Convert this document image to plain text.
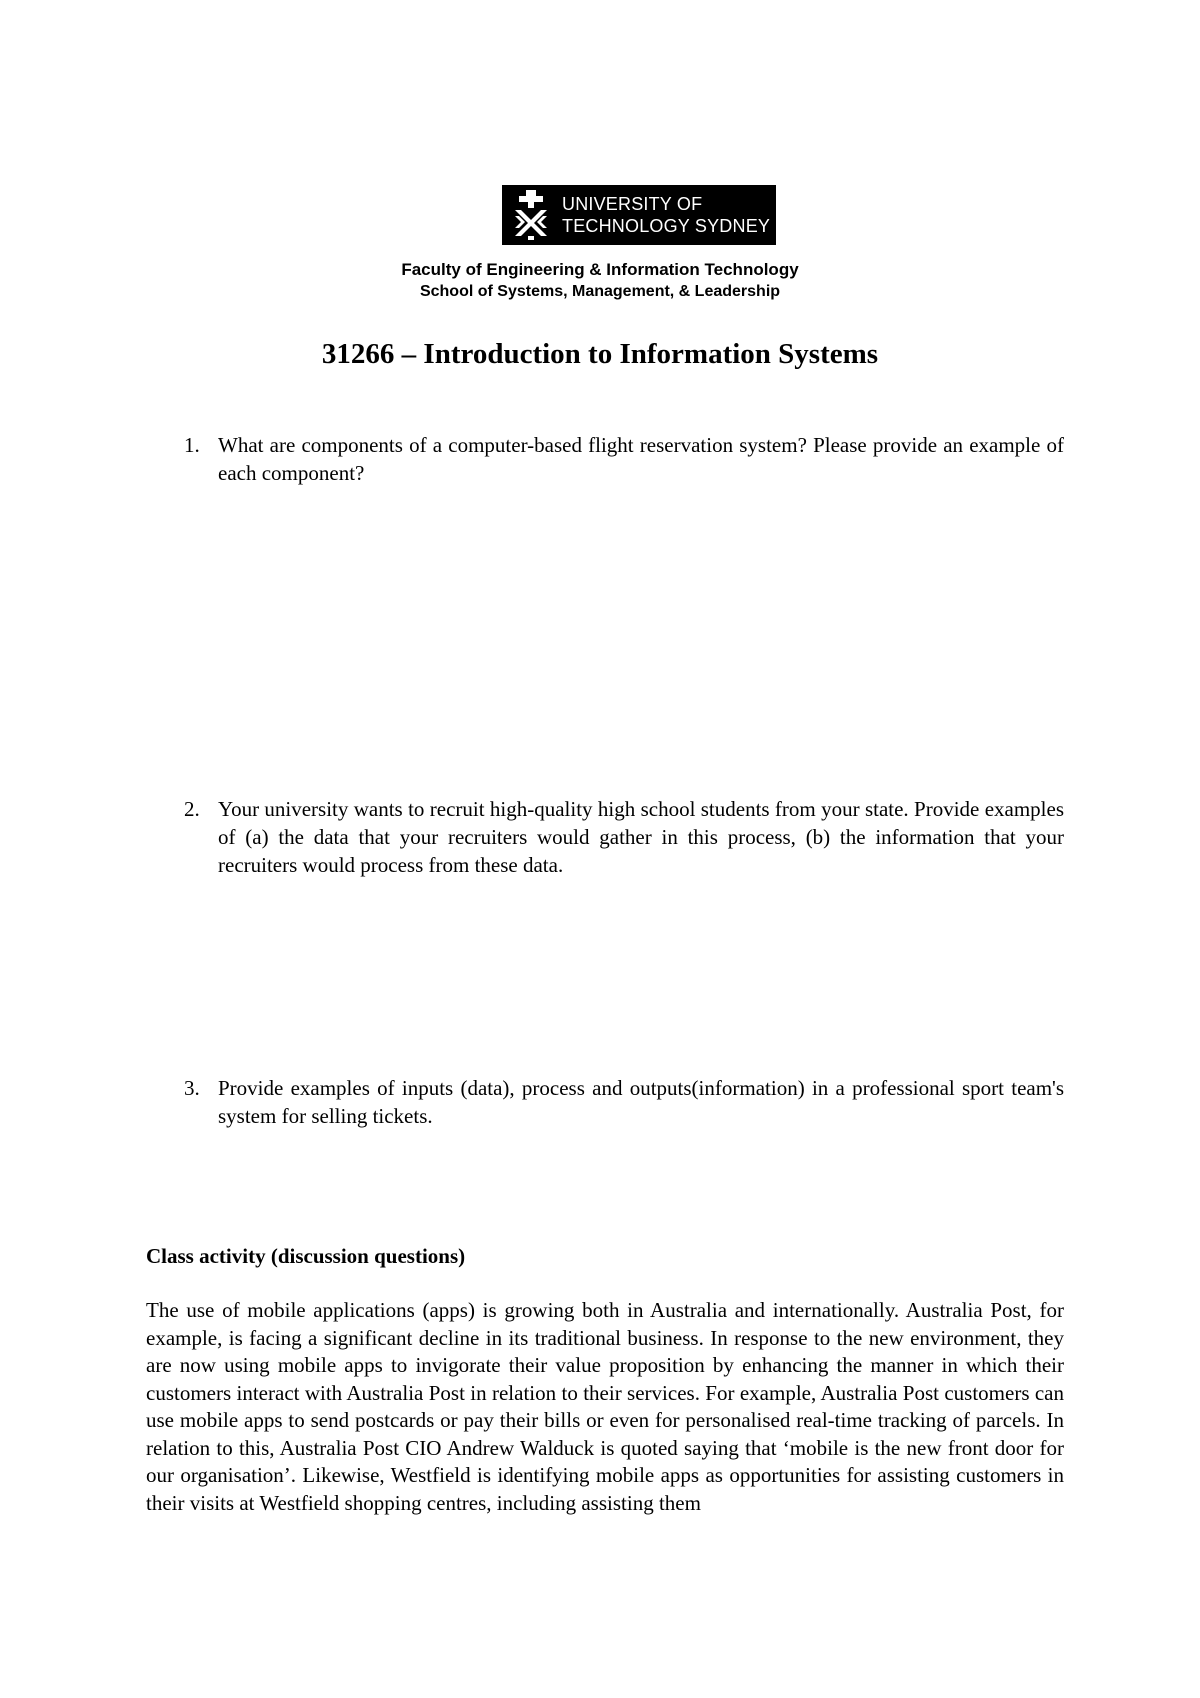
UNIVERSITY OF
TECHNOLOGY SYDNEY
Faculty of Engineering & Information Technology
School of Systems, Management, & Leadership
31266 – Introduction to Information Systems
1. What are components of a computer-based flight reservation system? Please provide an example of each component?
2. Your university wants to recruit high-quality high school students from your state. Provide examples of (a) the data that your recruiters would gather in this process, (b) the information that your recruiters would process from these data.
3. Provide examples of inputs (data), process and outputs(information) in a professional sport team's system for selling tickets.
Class activity (discussion questions)
The use of mobile applications (apps) is growing both in Australia and internationally. Australia Post, for example, is facing a significant decline in its traditional business. In response to the new environment, they are now using mobile apps to invigorate their value proposition by enhancing the manner in which their customers interact with Australia Post in relation to their services. For example, Australia Post customers can use mobile apps to send postcards or pay their bills or even for personalised real-time tracking of parcels. In relation to this, Australia Post CIO Andrew Walduck is quoted saying that ‘mobile is the new front door for our organisation’. Likewise, Westfield is identifying mobile apps as opportunities for assisting customers in their visits at Westfield shopping centres, including assisting them
